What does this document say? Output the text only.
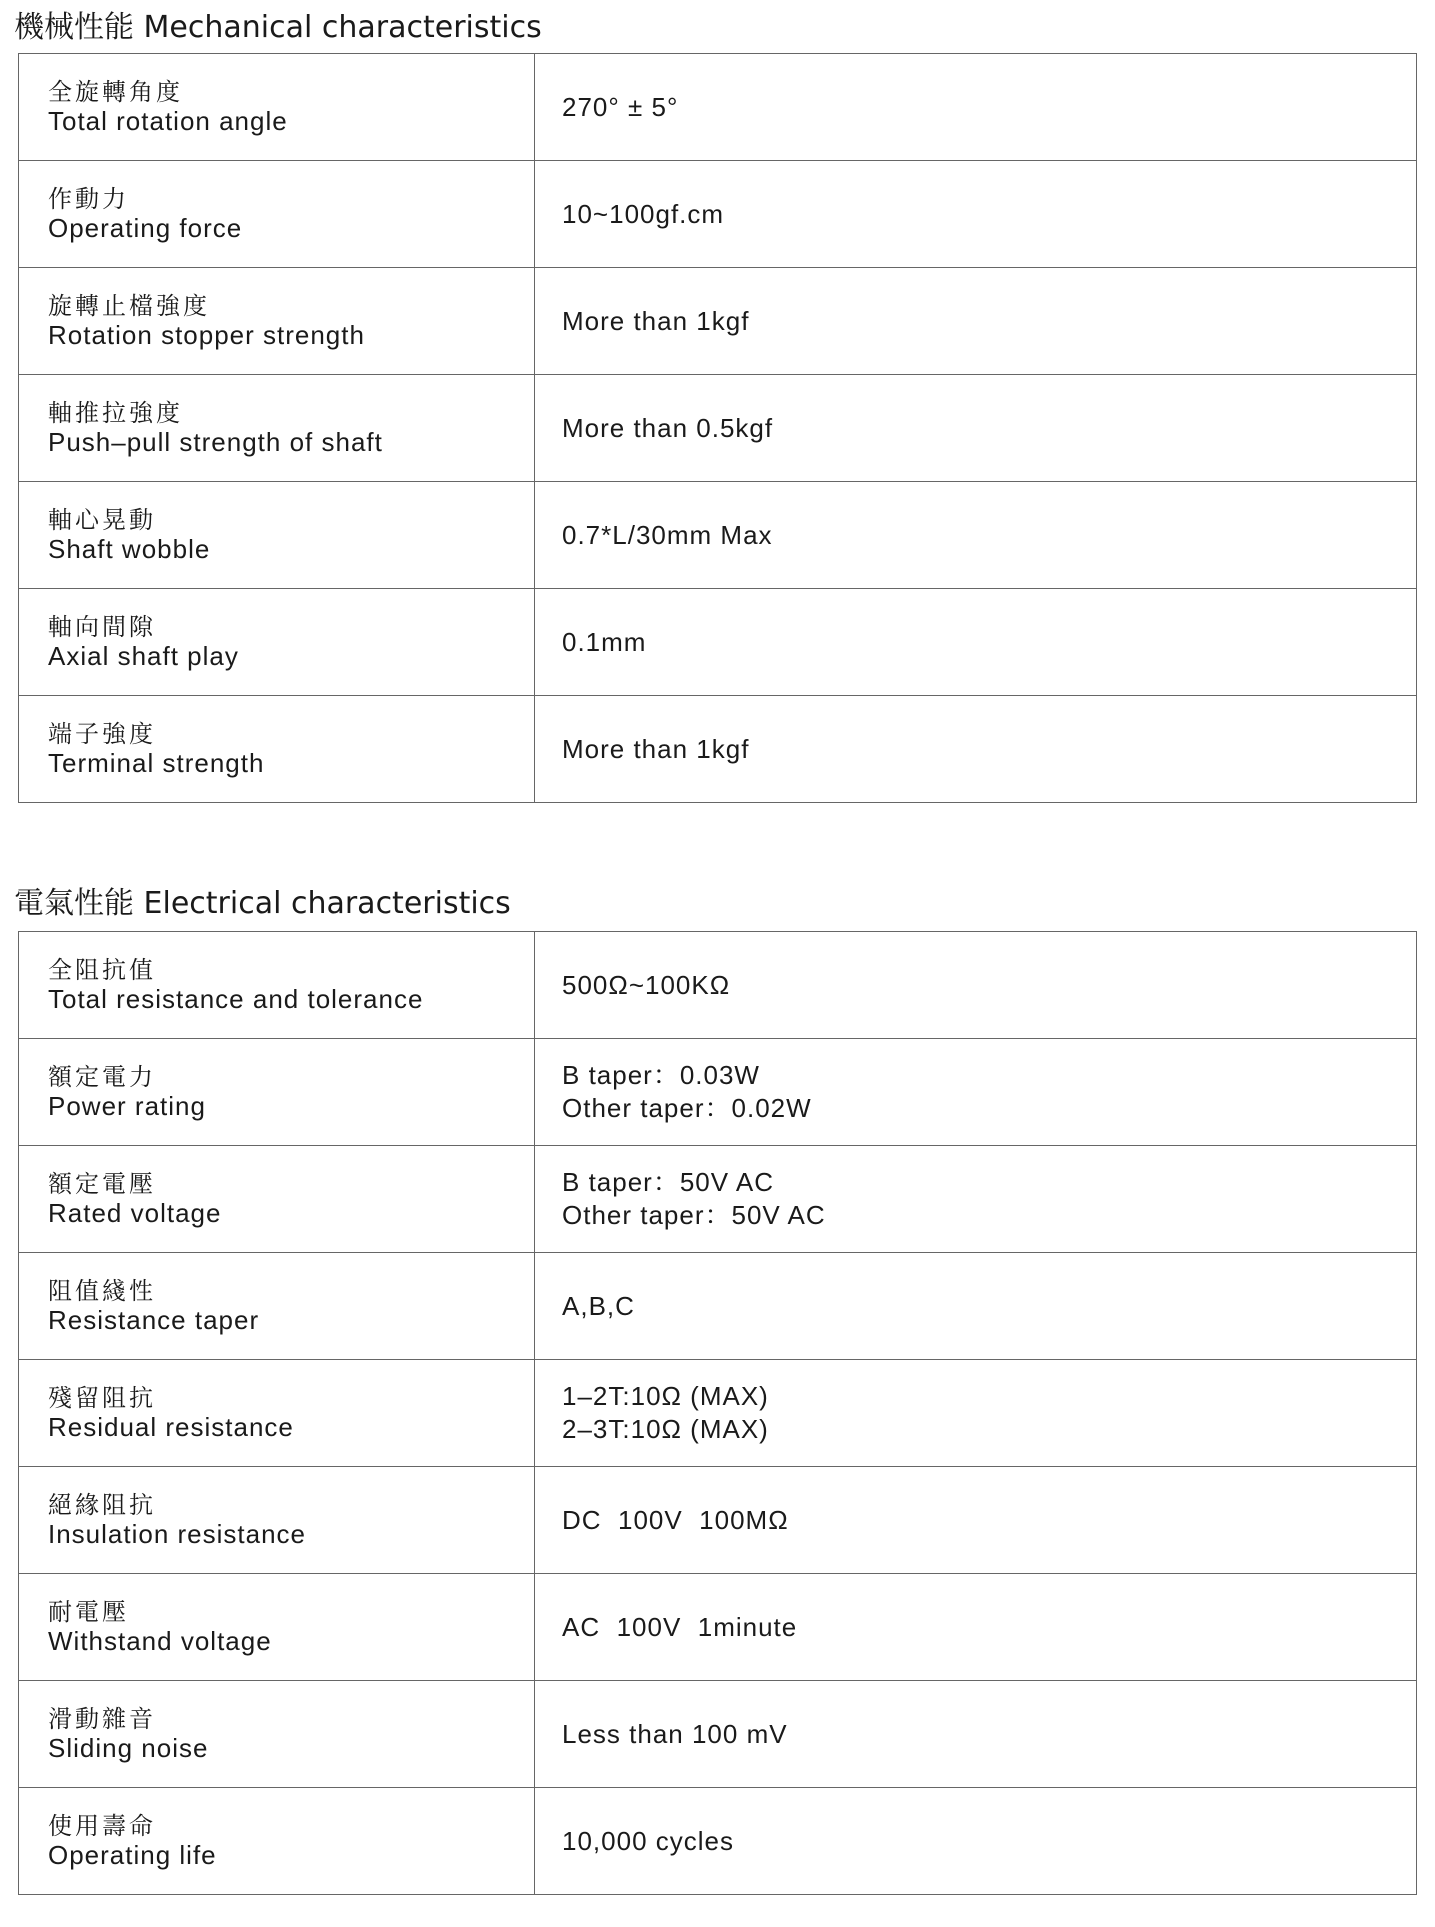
機械性能 Mechanical characteristics
全旋轉角度
Total rotation angle	270° ± 5°

作動力
Operating force	10~100gf.cm

旋轉止檔強度
Rotation stopper strength	More than 1kgf

軸推拉強度
Push–pull strength of shaft	More than 0.5kgf

軸心晃動
Shaft wobble	0.7*L/30mm Max

軸向間隙
Axial shaft play	0.1mm

端子強度
Terminal strength	More than 1kgf
電氣性能 Electrical characteristics
全阻抗值
Total resistance and tolerance	500Ω~100KΩ

額定電力
Power rating	B taper：0.03W
Other taper：0.02W

額定電壓
Rated voltage	B taper：50V AC
Other taper：50V AC

阻值綫性
Resistance taper	A,B,C

殘留阻抗
Residual resistance	1–2T:10Ω (MAX)
2–3T:10Ω (MAX)

絕緣阻抗
Insulation resistance	DC  100V  100MΩ

耐電壓
Withstand voltage	AC  100V  1minute

滑動雜音
Sliding noise	Less than 100 mV

使用壽命
Operating life	10,000 cycles
